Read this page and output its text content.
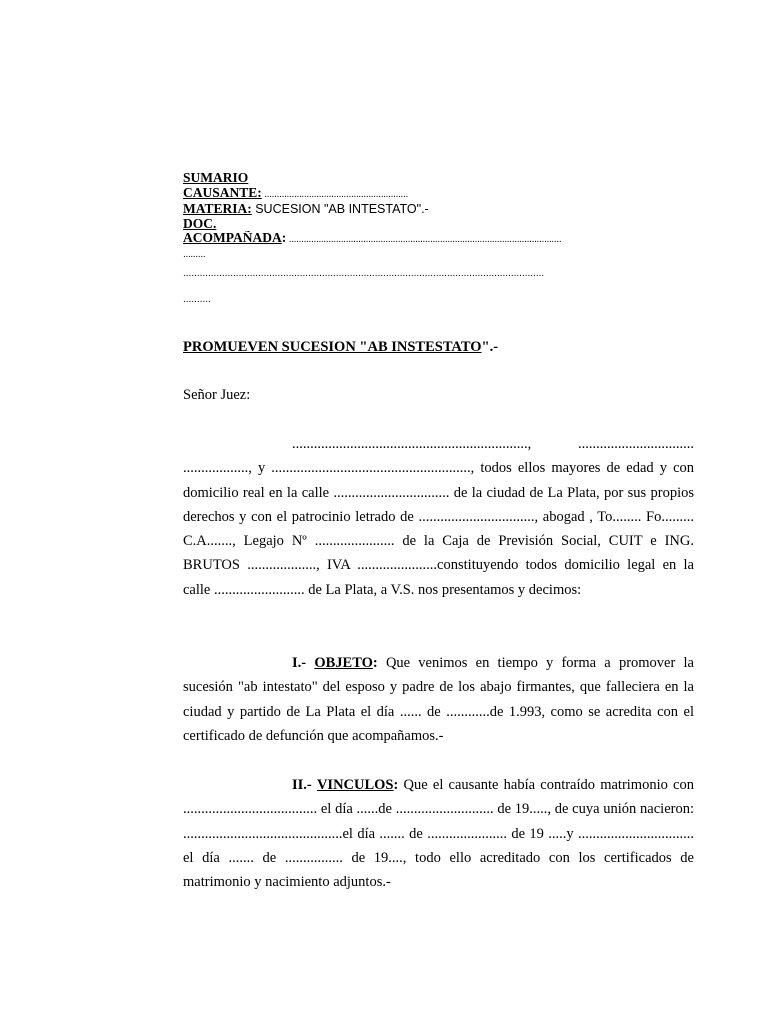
SUMARIO
CAUSANTE: ..........................................................
MATERIA: SUCESION "AB INTESTATO".-
DOC.
ACOMPAÑADA: ..............................................................................................................
.........
..................................................................................................................................
..........
PROMUEVEN SUCESION "AB INSTESTATO".-
Señor Juez:
................................................................., ................................ .................., y ......................................................., todos ellos mayores de edad y con domicilio real en la calle ................................ de la ciudad de La Plata, por sus propios derechos y con el patrocinio letrado de ................................, abogad , To........ Fo......... C.A......., Legajo Nº ...................... de la Caja de Previsión Social, CUIT e ING. BRUTOS ..................., IVA ......................constituyendo todos domicilio legal en la calle ......................... de La Plata, a V.S. nos presentamos y decimos:
I.- OBJETO: Que venimos en tiempo y forma a promover la sucesión "ab intestato" del esposo y padre de los abajo firmantes, que falleciera en la ciudad y partido de La Plata el día ...... de ............de 1.993, como se acredita con el certificado de defunción que acompañamos.-
II.- VINCULOS: Que el causante había contraído matrimonio con ..................................... el día ......de ........................... de 19....., de cuya unión nacieron: ............................................el día ....... de ...................... de 19 .....y ................................ el día ....... de ................ de 19...., todo ello acreditado con los certificados de matrimonio y nacimiento adjuntos.-
